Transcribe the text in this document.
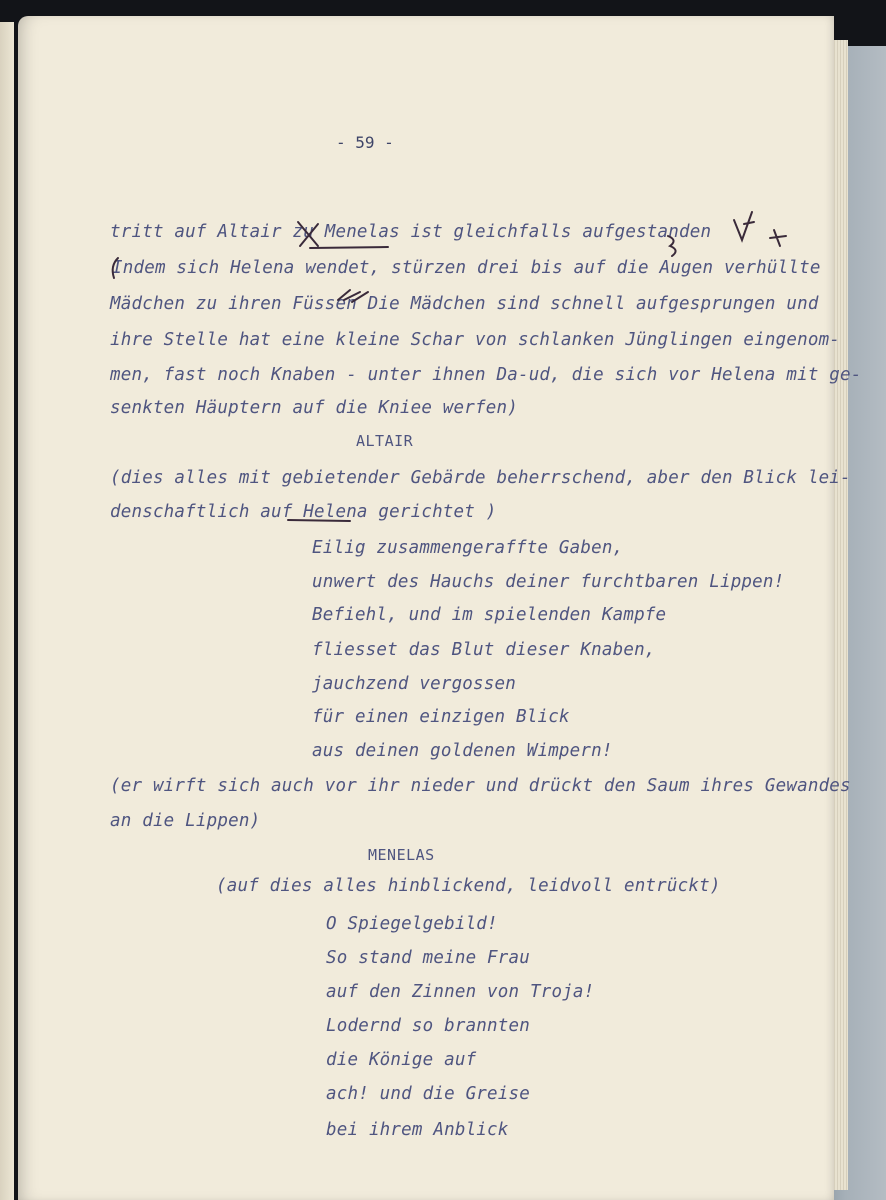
- 59 -
tritt auf Altair zu Menelas ist gleichfalls aufgestanden
Indem sich Helena wendet, stürzen drei bis auf die Augen verhüllte
Mädchen zu ihren Füssen Die Mädchen sind schnell aufgesprungen und
ihre Stelle hat eine kleine Schar von schlanken Jünglingen eingenom-
men, fast noch Knaben - unter ihnen Da-ud, die sich vor Helena mit ge-
senkten Häuptern auf die Kniee werfen)
ALTAIR
(dies alles mit gebietender Gebärde beherrschend, aber den Blick lei-
denschaftlich auf Helena gerichtet )
Eilig zusammengeraffte Gaben,
unwert des Hauchs deiner furchtbaren Lippen!
Befiehl, und im spielenden Kampfe
fliesset das Blut dieser Knaben,
jauchzend vergossen
für einen einzigen Blick
aus deinen goldenen Wimpern!
(er wirft sich auch vor ihr nieder und drückt den Saum ihres Gewandes
an die Lippen)
MENELAS
(auf dies alles hinblickend, leidvoll entrückt)
O Spiegelgebild!
So stand meine Frau
auf den Zinnen von Troja!
Lodernd so brannten
die Könige auf
ach! und die Greise
bei ihrem Anblick
